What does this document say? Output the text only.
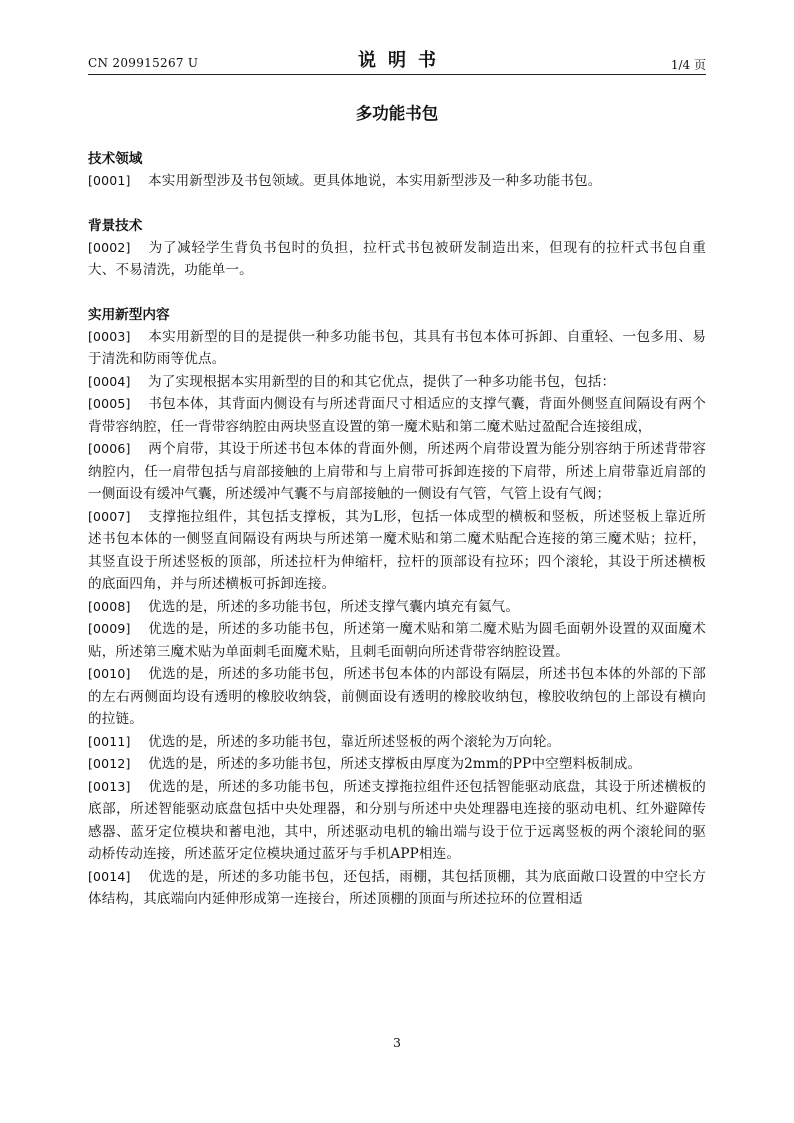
CN 209915267 U	说明书	1/4 页
多功能书包

技术领域

[0001] 本实用新型涉及书包领域。更具体地说，本实用新型涉及一种多功能书包。

背景技术

[0002] 为了减轻学生背负书包时的负担，拉杆式书包被研发制造出来，但现有的拉杆式书包自重大、不易清洗，功能单一。

实用新型内容

[0003] 本实用新型的目的是提供一种多功能书包，其具有书包本体可拆卸、自重轻、一包多用、易于清洗和防雨等优点。

[0004] 为了实现根据本实用新型的目的和其它优点，提供了一种多功能书包，包括：

[0005] 书包本体，其背面内侧设有与所述背面尺寸相适应的支撑气囊，背面外侧竖直间隔设有两个背带容纳腔，任一背带容纳腔由两块竖直设置的第一魔术贴和第二魔术贴过盈配合连接组成，

[0006] 两个肩带，其设于所述书包本体的背面外侧，所述两个肩带设置为能分别容纳于所述背带容纳腔内，任一肩带包括与肩部接触的上肩带和与上肩带可拆卸连接的下肩带，所述上肩带靠近肩部的一侧面设有缓冲气囊，所述缓冲气囊不与肩部接触的一侧设有气管，气管上设有气阀；

[0007] 支撑拖拉组件，其包括支撑板，其为L形，包括一体成型的横板和竖板，所述竖板上靠近所述书包本体的一侧竖直间隔设有两块与所述第一魔术贴和第二魔术贴配合连接的第三魔术贴；拉杆，其竖直设于所述竖板的顶部，所述拉杆为伸缩杆，拉杆的顶部设有拉环；四个滚轮，其设于所述横板的底面四角，并与所述横板可拆卸连接。

[0008] 优选的是，所述的多功能书包，所述支撑气囊内填充有氦气。

[0009] 优选的是，所述的多功能书包，所述第一魔术贴和第二魔术贴为圆毛面朝外设置的双面魔术贴，所述第三魔术贴为单面刺毛面魔术贴，且刺毛面朝向所述背带容纳腔设置。

[0010] 优选的是，所述的多功能书包，所述书包本体的内部设有隔层，所述书包本体的外部的下部的左右两侧面均设有透明的橡胶收纳袋，前侧面设有透明的橡胶收纳包，橡胶收纳包的上部设有横向的拉链。

[0011] 优选的是，所述的多功能书包，靠近所述竖板的两个滚轮为万向轮。

[0012] 优选的是，所述的多功能书包，所述支撑板由厚度为2mm的PP中空塑料板制成。

[0013] 优选的是，所述的多功能书包，所述支撑拖拉组件还包括智能驱动底盘，其设于所述横板的底部，所述智能驱动底盘包括中央处理器，和分别与所述中央处理器电连接的驱动电机、红外避障传感器、蓝牙定位模块和蓄电池，其中，所述驱动电机的输出端与设于位于远离竖板的两个滚轮间的驱动桥传动连接，所述蓝牙定位模块通过蓝牙与手机APP相连。

[0014] 优选的是，所述的多功能书包，还包括，雨棚，其包括顶棚，其为底面敞口设置的中空长方体结构，其底端向内延伸形成第一连接台，所述顶棚的顶面与所述拉环的位置相适

3
